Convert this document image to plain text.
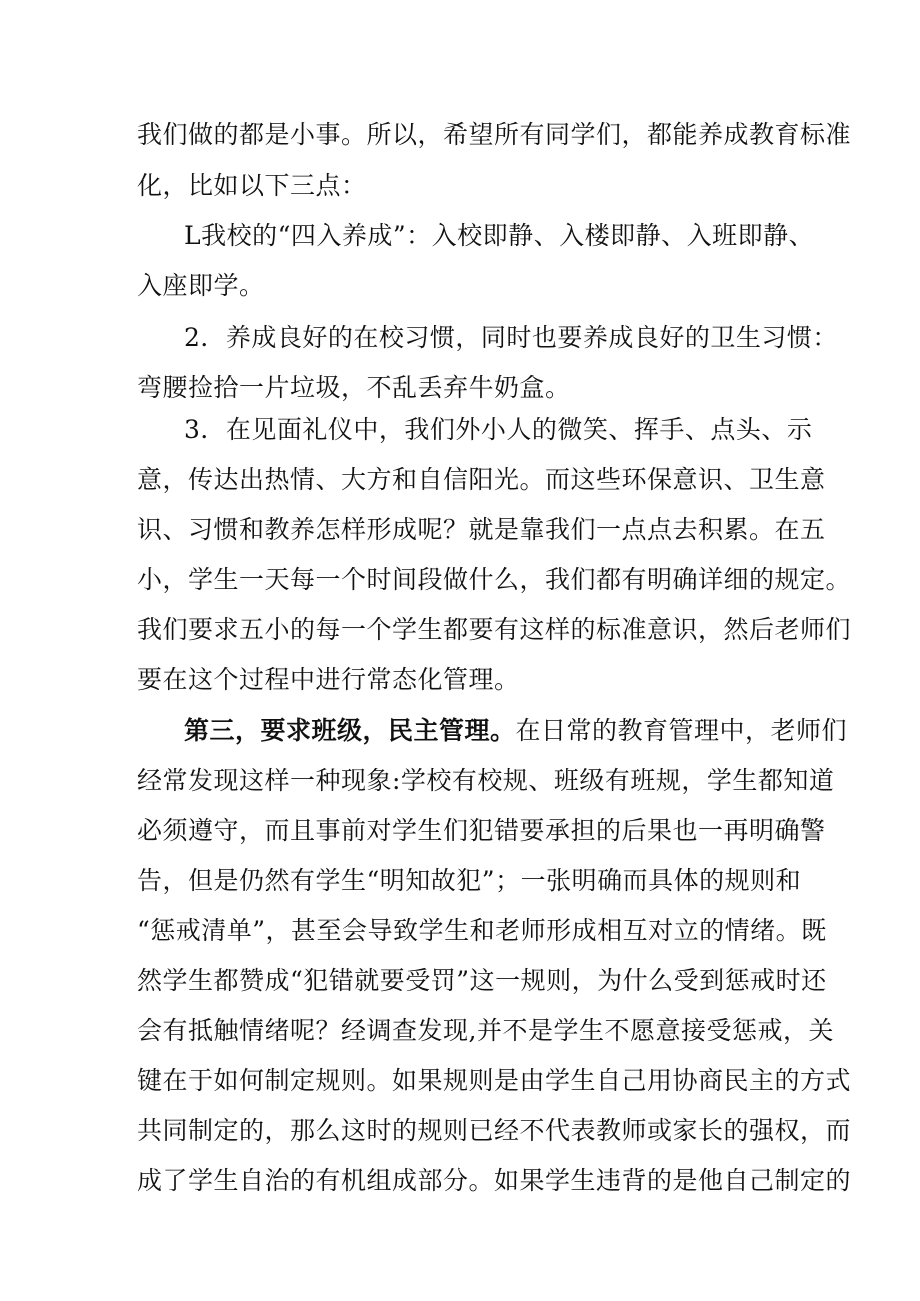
我们做的都是小事。所以，希望所有同学们，都能养成教育标准
化，比如以下三点：
L我校的“四入养成”：入校即静、入楼即静、入班即静、
入座即学。
2．养成良好的在校习惯，同时也要养成良好的卫生习惯：
弯腰捡拾一片垃圾，不乱丢弃牛奶盒。
3．在见面礼仪中，我们外小人的微笑、挥手、点头、示
意，传达出热情、大方和自信阳光。而这些环保意识、卫生意
识、习惯和教养怎样形成呢？就是靠我们一点点去积累。在五
小，学生一天每一个时间段做什么，我们都有明确详细的规定。
我们要求五小的每一个学生都要有这样的标准意识，然后老师们
要在这个过程中进行常态化管理。
第三，要求班级，民主管理。在日常的教育管理中，老师们
经常发现这样一种现象:学校有校规、班级有班规，学生都知道
必须遵守，而且事前对学生们犯错要承担的后果也一再明确警
告，但是仍然有学生“明知故犯”；一张明确而具体的规则和
“惩戒清单”，甚至会导致学生和老师形成相互对立的情绪。既
然学生都赞成“犯错就要受罚”这一规则，为什么受到惩戒时还
会有抵触情绪呢？经调查发现,并不是学生不愿意接受惩戒，关
键在于如何制定规则。如果规则是由学生自己用协商民主的方式
共同制定的，那么这时的规则已经不代表教师或家长的强权，而
成了学生自治的有机组成部分。如果学生违背的是他自己制定的
